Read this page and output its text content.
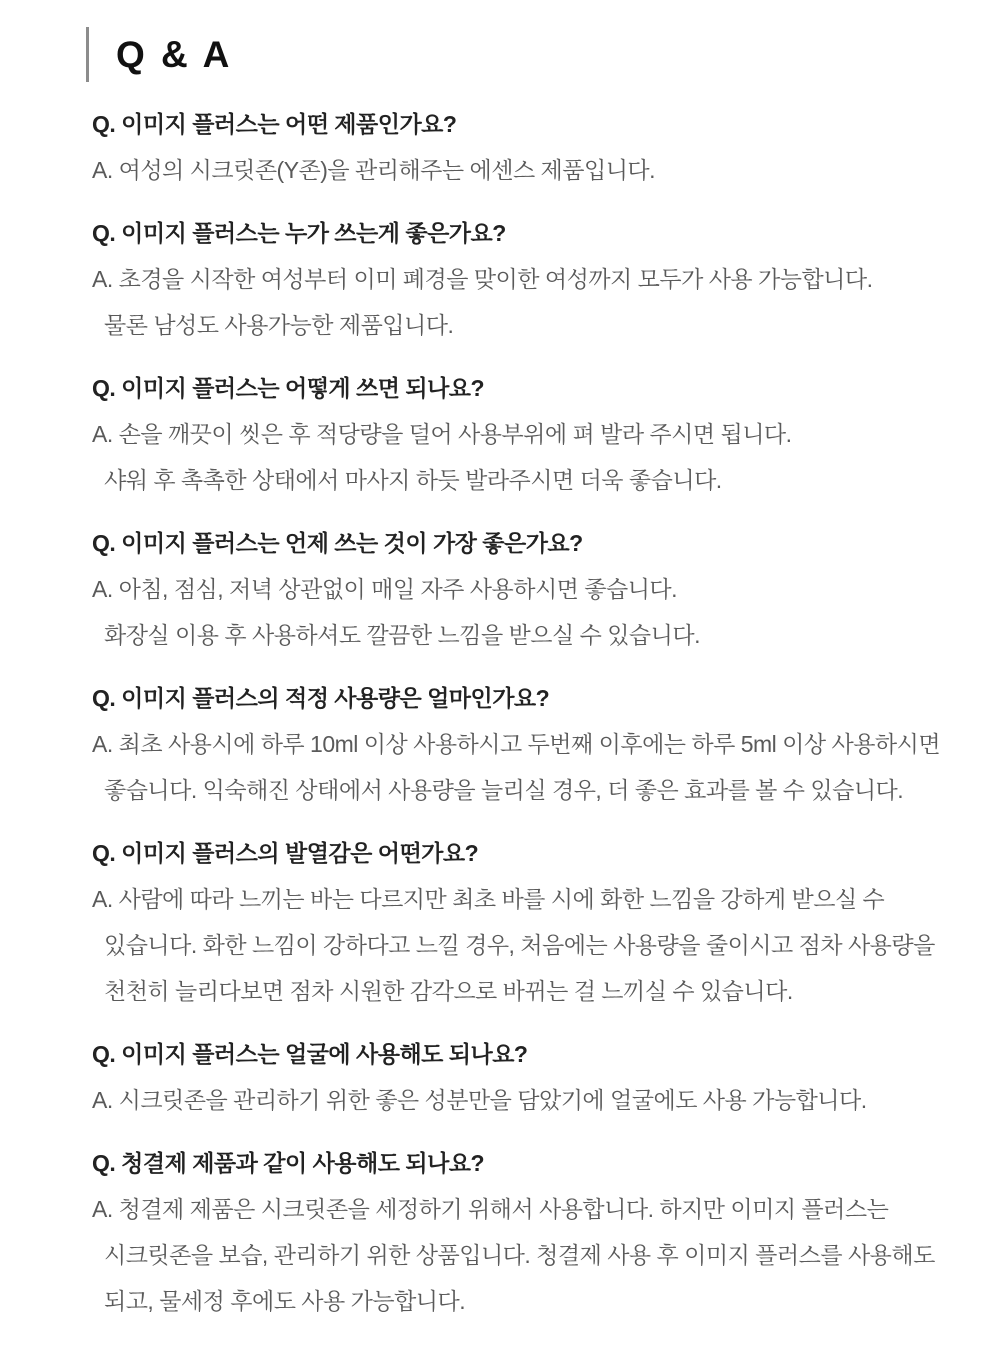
Q & A

Q. 이미지 플러스는 어떤 제품인가요?

A. 여성의 시크릿존(Y존)을 관리해주는 에센스 제품입니다.

Q. 이미지 플러스는 누가 쓰는게 좋은가요?

A. 초경을 시작한 여성부터 이미 폐경을 맞이한 여성까지 모두가 사용 가능합니다.

물론 남성도 사용가능한 제품입니다.

Q. 이미지 플러스는 어떻게 쓰면 되나요?

A. 손을 깨끗이 씻은 후 적당량을 덜어 사용부위에 펴 발라 주시면 됩니다.

샤워 후 촉촉한 상태에서 마사지 하듯 발라주시면 더욱 좋습니다.

Q. 이미지 플러스는 언제 쓰는 것이 가장 좋은가요?

A. 아침, 점심, 저녁 상관없이 매일 자주 사용하시면 좋습니다.

화장실 이용 후 사용하셔도 깔끔한 느낌을 받으실 수 있습니다.

Q. 이미지 플러스의 적정 사용량은 얼마인가요?

A. 최초 사용시에 하루 10ml 이상 사용하시고 두번째 이후에는 하루 5ml 이상 사용하시면

좋습니다. 익숙해진 상태에서 사용량을 늘리실 경우, 더 좋은 효과를 볼 수 있습니다.

Q. 이미지 플러스의 발열감은 어떤가요?

A. 사람에 따라 느끼는 바는 다르지만 최초 바를 시에 화한 느낌을 강하게 받으실 수

있습니다. 화한 느낌이 강하다고 느낄 경우, 처음에는 사용량을 줄이시고 점차 사용량을

천천히 늘리다보면 점차 시원한 감각으로 바뀌는 걸 느끼실 수 있습니다.

Q. 이미지 플러스는 얼굴에 사용해도 되나요?

A. 시크릿존을 관리하기 위한 좋은 성분만을 담았기에 얼굴에도 사용 가능합니다.

Q. 청결제 제품과 같이 사용해도 되나요?

A. 청결제 제품은 시크릿존을 세정하기 위해서 사용합니다. 하지만 이미지 플러스는

시크릿존을 보습, 관리하기 위한 상품입니다. 청결제 사용 후 이미지 플러스를 사용해도

되고, 물세정 후에도 사용 가능합니다.
